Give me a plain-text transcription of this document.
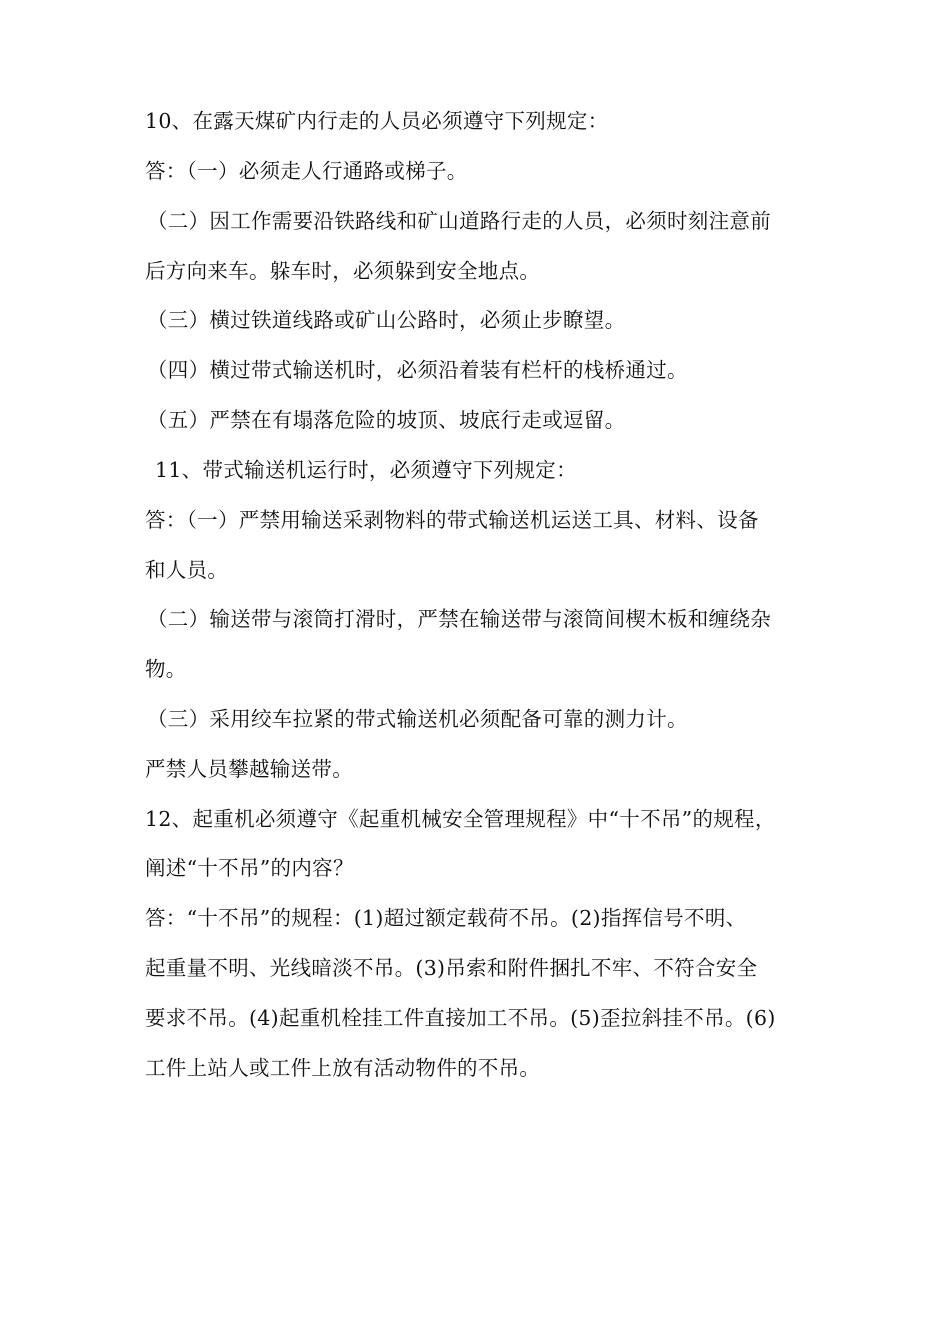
10、在露天煤矿内行走的人员必须遵守下列规定：
答：（一）必须走人行通路或梯子。
（二）因工作需要沿铁路线和矿山道路行走的人员，必须时刻注意前
后方向来车。躲车时，必须躲到安全地点。
（三）横过铁道线路或矿山公路时，必须止步瞭望。
（四）横过带式输送机时，必须沿着装有栏杆的栈桥通过。
（五）严禁在有塌落危险的坡顶、坡底行走或逗留。
11、带式输送机运行时，必须遵守下列规定：
答：（一）严禁用输送采剥物料的带式输送机运送工具、材料、设备
和人员。
（二）输送带与滚筒打滑时，严禁在输送带与滚筒间楔木板和缠绕杂
物。
（三）采用绞车拉紧的带式输送机必须配备可靠的测力计。
严禁人员攀越输送带。
12、起重机必须遵守《起重机械安全管理规程》中“十不吊”的规程，
阐述“十不吊”的内容？
答：“十不吊”的规程：(1)超过额定载荷不吊。(2)指挥信号不明、
起重量不明、光线暗淡不吊。(3)吊索和附件捆扎不牢、不符合安全
要求不吊。(4)起重机栓挂工件直接加工不吊。(5)歪拉斜挂不吊。(6)
工件上站人或工件上放有活动物件的不吊。
